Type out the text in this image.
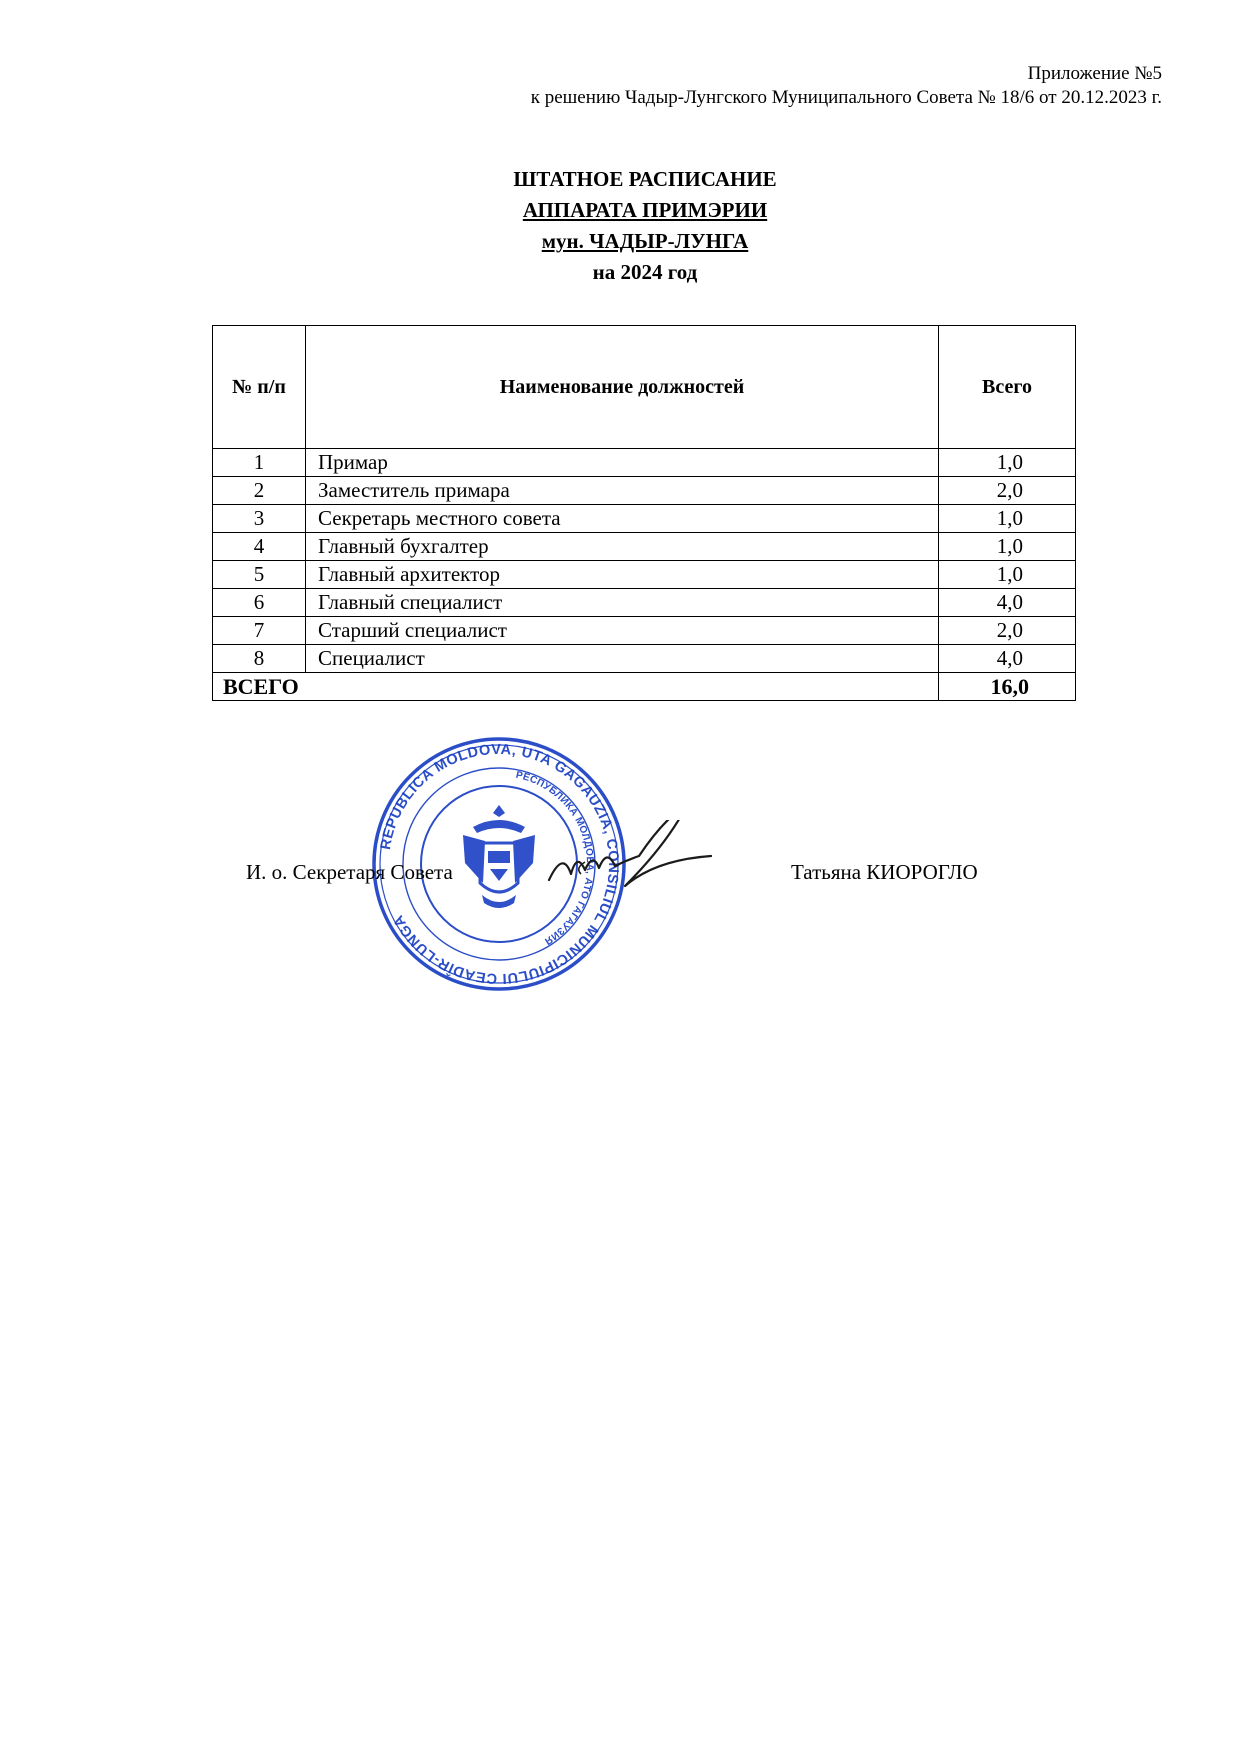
Приложение №5
к решению Чадыр-Лунгского Муниципального Совета № 18/6 от 20.12.2023 г.
ШТАТНОЕ РАСПИСАНИЕ
АППАРАТА ПРИМЭРИИ
мун. ЧАДЫР-ЛУНГА
на 2024 год
№ п/п	Наименование должностей	Всего
1	Примар	1,0
2	Заместитель примара	2,0
3	Секретарь местного совета	1,0
4	Главный бухгалтер	1,0
5	Главный архитектор	1,0
6	Главный специалист	4,0
7	Старший специалист	2,0
8	Специалист	4,0
ВСЕГО		16,0
REPUBLICA MOLDOVA, UTA GAGAUZIA, CONSILIUL MUNICIPIULUI CEADÎR-LUNGA
РЕСПУБЛИКА МОЛДОВА, АТО ГАГАУЗИЯ
И. о. Секретаря Совета	Татьяна КИОРОГЛО
